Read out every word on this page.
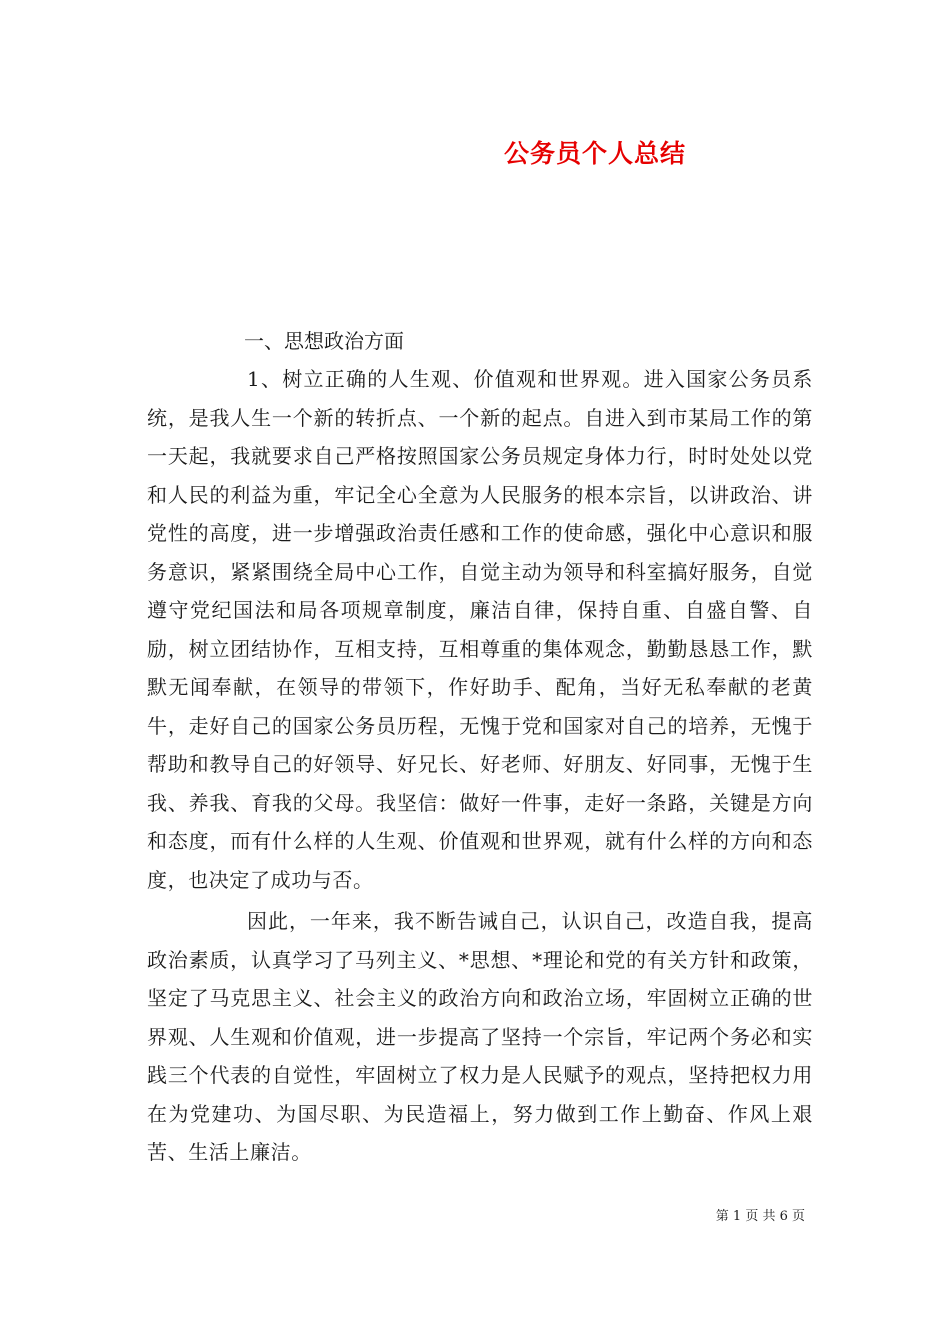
公务员个人总结
一、思想政治方面

1、树立正确的人生观、价值观和世界观。进入国家公务员系统，是我人生一个新的转折点、一个新的起点。自进入到市某局工作的第一天起，我就要求自己严格按照国家公务员规定身体力行，时时处处以党和人民的利益为重，牢记全心全意为人民服务的根本宗旨，以讲政治、讲党性的高度，进一步增强政治责任感和工作的使命感，强化中心意识和服务意识，紧紧围绕全局中心工作，自觉主动为领导和科室搞好服务，自觉遵守党纪国法和局各项规章制度，廉洁自律，保持自重、自盛自警、自励，树立团结协作，互相支持，互相尊重的集体观念，勤勤恳恳工作，默默无闻奉献，在领导的带领下，作好助手、配角，当好无私奉献的老黄牛，走好自己的国家公务员历程，无愧于党和国家对自己的培养，无愧于帮助和教导自己的好领导、好兄长、好老师、好朋友、好同事，无愧于生我、养我、育我的父母。我坚信：做好一件事，走好一条路，关键是方向和态度，而有什么样的人生观、价值观和世界观，就有什么样的方向和态度，也决定了成功与否。

因此，一年来，我不断告诫自己，认识自己，改造自我，提高政治素质，认真学习了马列主义、*思想、*理论和党的有关方针和政策，坚定了马克思主义、社会主义的政治方向和政治立场，牢固树立正确的世界观、人生观和价值观，进一步提高了坚持一个宗旨，牢记两个务必和实践三个代表的自觉性，牢固树立了权力是人民赋予的观点，坚持把权力用在为党建功、为国尽职、为民造福上，努力做到工作上勤奋、作风上艰苦、生活上廉洁。

第 1 页 共 6 页
